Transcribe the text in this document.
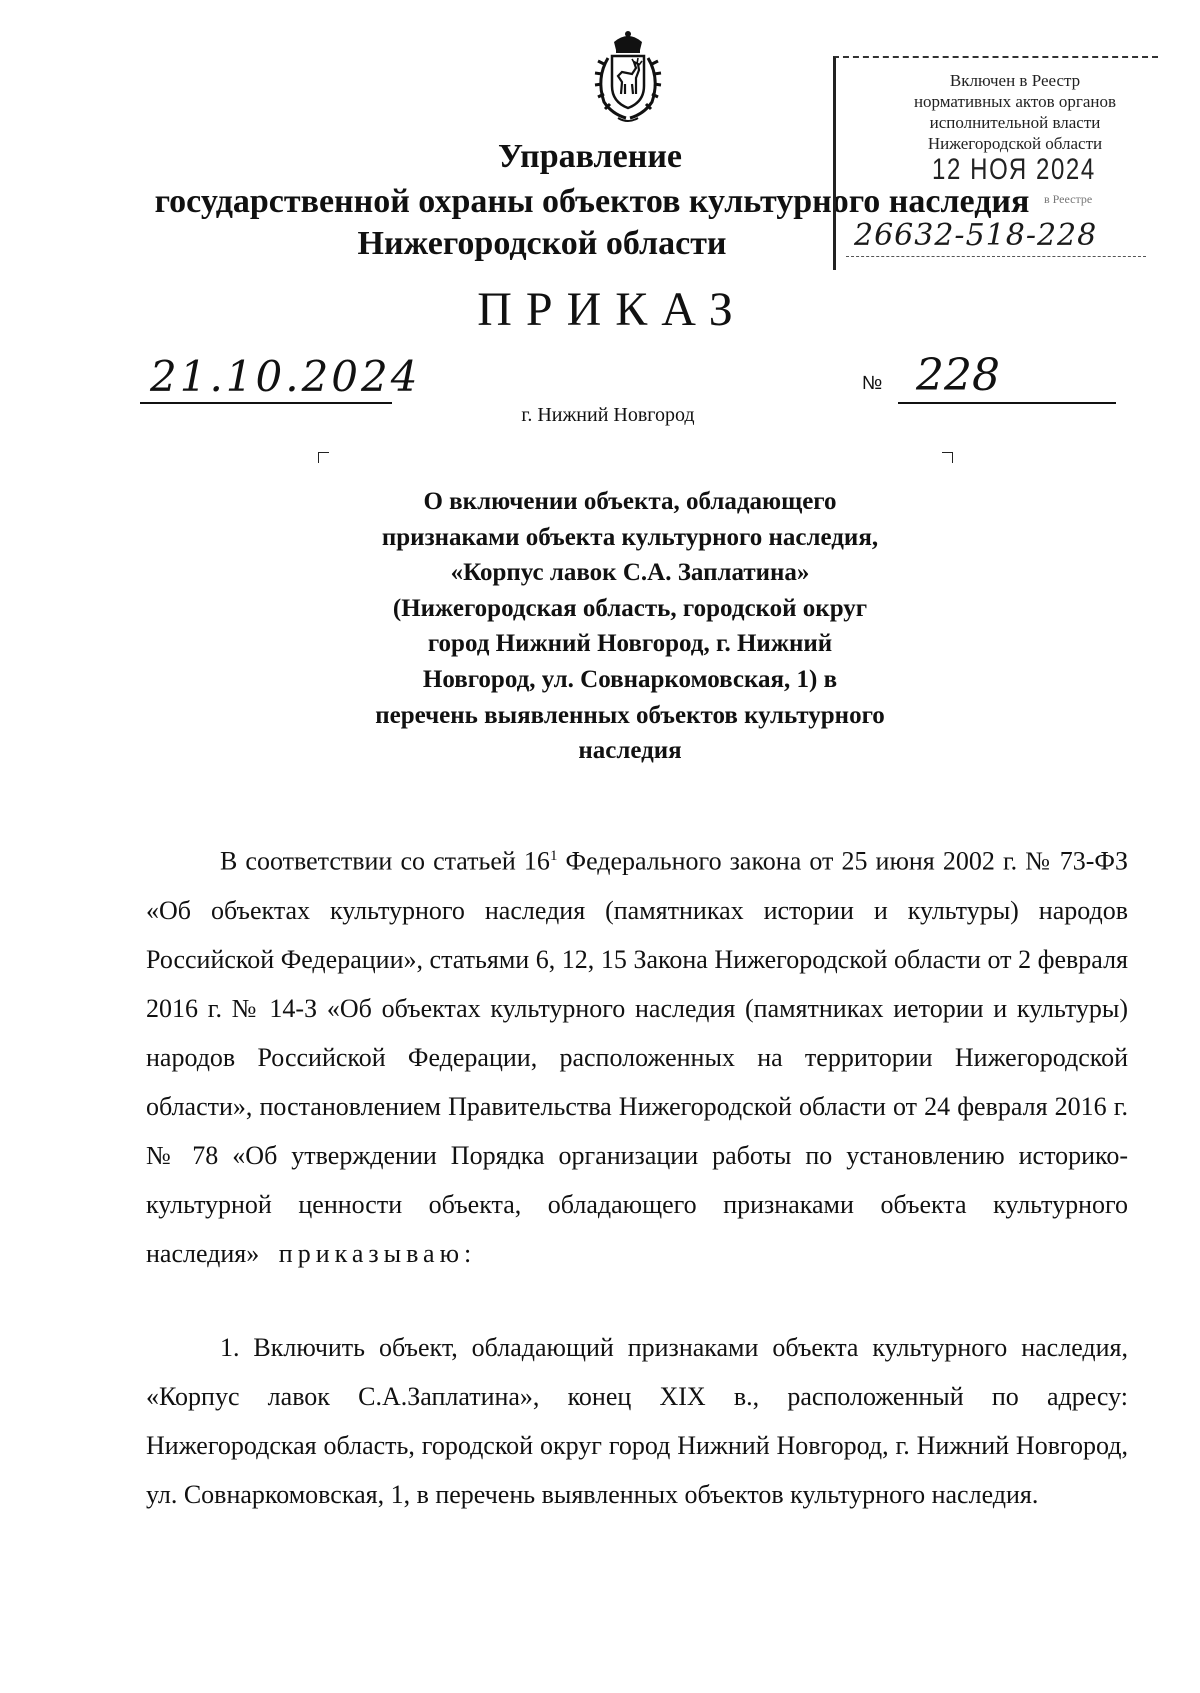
Управление
государственной охраны объектов культурного наследия
Нижегородской области
Включен в Реестр
нормативных актов органов
исполнительной власти
Нижегородской области
12 НОЯ 2024
в Реестре
26632-518-228
ПРИКАЗ
21.10.2024	№ 228
г. Нижний Новгород
О включении объекта, обладающего
признаками объекта культурного наследия,
«Корпус лавок С.А. Заплатина»
(Нижегородская область, городской округ
город Нижний Новгород, г. Нижний
Новгород, ул. Совнаркомовская, 1) в
перечень выявленных объектов культурного
наследия

В соответствии со статьей $16^1$ Федерального закона от 25 июня 2002 г. № 73-ФЗ «Об объектах культурного наследия (памятниках истории и культуры) народов Российской Федерации», статьями 6, 12, 15 Закона Нижегородской области от 2 февраля 2016 г. № 14-З «Об объектах культурного наследия (памятниках иетории и культуры) народов Российской Федерации, расположенных на территории Нижегородской области», постановлением Правительства Нижегородской области от 24 февраля 2016 г. № 78 «Об утверждении Порядка организации работы по установлению историко-культурной ценности объекта, обладающего признаками объекта культурного наследия» приказываю:

1. Включить объект, обладающий признаками объекта культурного наследия, «Корпус лавок С.А.Заплатина», конец XIX в., расположенный по адресу: Нижегородская область, городской округ город Нижний Новгород, г. Нижний Новгород, ул. Совнаркомовская, 1, в перечень выявленных объектов культурного наследия.
